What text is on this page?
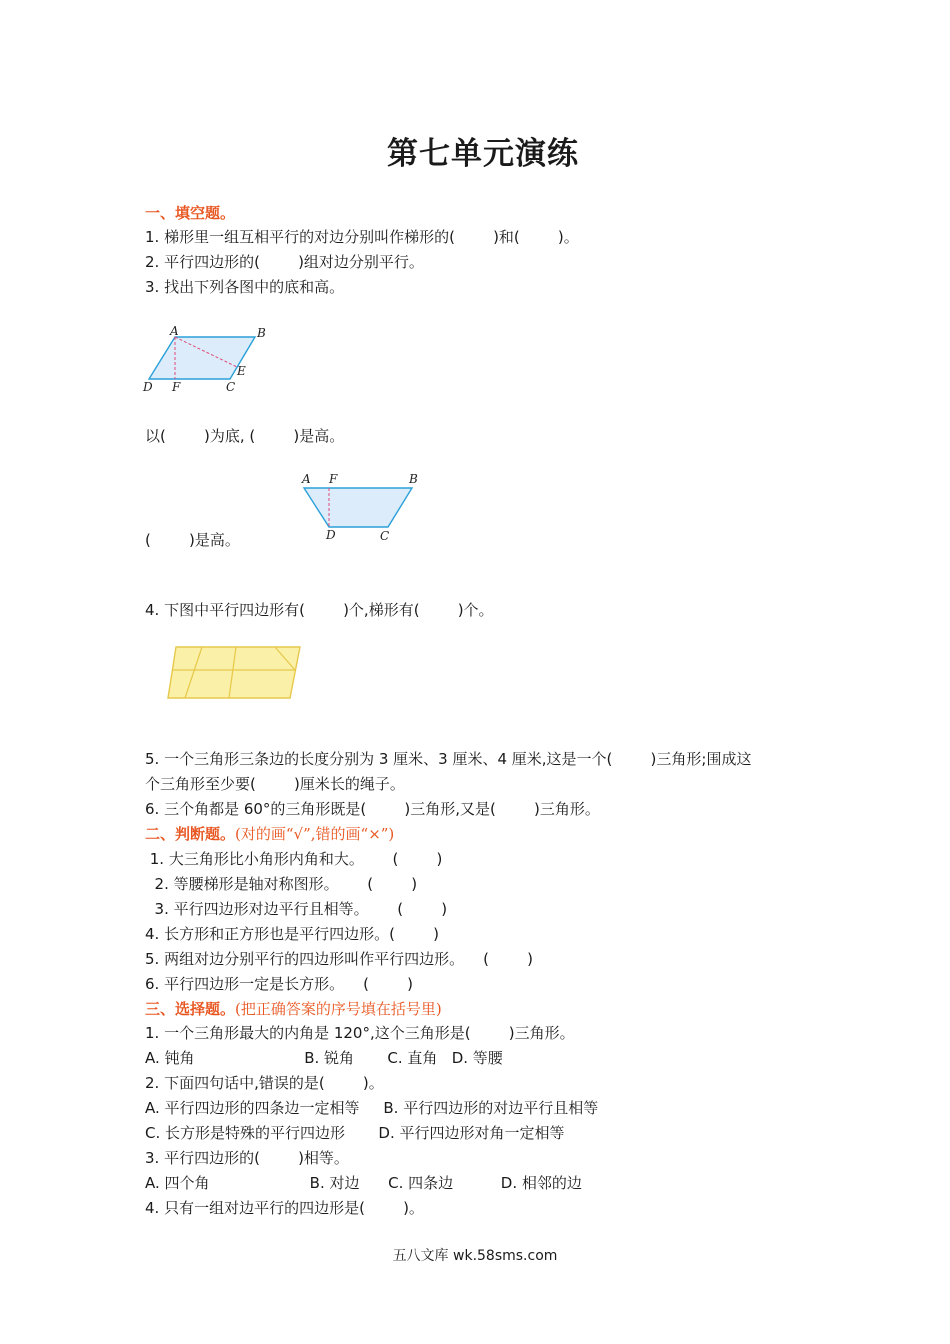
第七单元演练
一、填空题。
1. 梯形里一组互相平行的对边分别叫作梯形的(        )和(        )。
2. 平行四边形的(        )组对边分别平行。
3. 找出下列各图中的底和高。
A	B
C
D
E
F
以(        )为底, (        )是高。
A F	B
D	C
(        )是高。
4. 下图中平行四边形有(        )个,梯形有(        )个。
5. 一个三角形三条边的长度分别为 3 厘米、3 厘米、4 厘米,这是一个(        )三角形;围成这
个三角形至少要(        )厘米长的绳子。
6. 三个角都是 60°的三角形既是(        )三角形,又是(        )三角形。
二、判断题。(对的画“√”,错的画“×”)
1. 大三角形比小角形内角和大。      (        )
2. 等腰梯形是轴对称图形。      (        )
3. 平行四边形对边平行且相等。      (        )
4. 长方形和正方形也是平行四边形。(        )
5. 两组对边分别平行的四边形叫作平行四边形。    (        )
6. 平行四边形一定是长方形。    (        )
三、选择题。(把正确答案的序号填在括号里)
1. 一个三角形最大的内角是 120°,这个三角形是(        )三角形。
A. 钝角                       B. 锐角       C. 直角   D. 等腰
2. 下面四句话中,错误的是(        )。
A. 平行四边形的四条边一定相等     B. 平行四边形的对边平行且相等
C. 长方形是特殊的平行四边形       D. 平行四边形对角一定相等
3. 平行四边形的(        )相等。
A. 四个角                     B. 对边      C. 四条边          D. 相邻的边
4. 只有一组对边平行的四边形是(        )。
五八文库 wk.58sms.com
